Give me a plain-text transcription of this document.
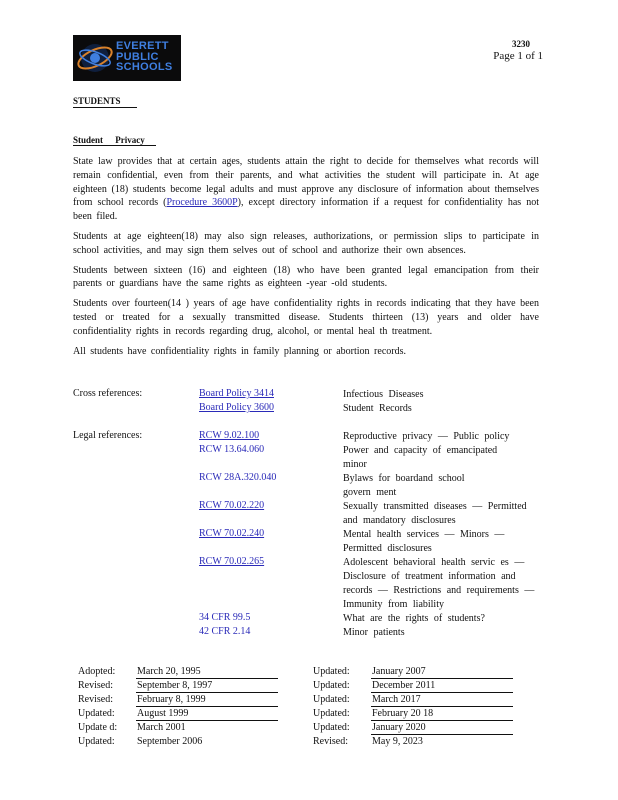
EVERETT
PUBLIC
SCHOOLS
3230
Page 1 of 1
STUDENTS
Student Privacy

State law provides that at certain ages, students attain the right to decide for themselves what records will remain confidential, even from their parents, and what activities the student will participate in. At age eighteen (18) students become legal adults and must approve any disclosure of information about themselves from school records (Procedure 3600P), except directory information if a request for confidentiality has not been filed.

Students at age eighteen(18) may also sign releases, authorizations, or permission slips to participate in school activities, and may sign them selves out of school and authorize their own absences.

Students between sixteen (16) and eighteen (18) who have been granted legal emancipation from their parents or guardians have the same rights as eighteen -year -old students.

Students over fourteen(14 ) years of age have confidentiality rights in records indicating that they have been tested or treated for a sexually transmitted disease. Students thirteen (13) years and older have confidentiality rights in records regarding drug, alcohol, or mental heal th treatment.

All students have confidentiality rights in family planning or abortion records.

Cross references:	Board Policy 3414	Infectious Diseases
Board Policy 3600	Student Records
Legal references:	RCW 9.02.100	Reproductive privacy — Public policy
RCW 13.64.060	Power and capacity of emancipated minor
RCW 28A.320.040	Bylaws for boardand school govern ment
RCW 70.02.220	Sexually transmitted diseases — Permitted and mandatory disclosures
RCW 70.02.240	Mental health services — Minors — Permitted disclosures
RCW 70.02.265	Adolescent behavioral health servic es — Disclosure of treatment information and records — Restrictions and requirements — Immunity from liability
34 CFR 99.5	What are the rights of students?
42 CFR 2.14	Minor patients
Adopted: March 20, 1995
Revised: September 8, 1997
Revised: February 8, 1999
Updated: August 1999
Update d: March 2001
Updated: September 2006
Updated: January 2007
Updated: December 2011
Updated: March 2017
Updated: February 20 18
Updated: January 2020
Revised: May 9, 2023
